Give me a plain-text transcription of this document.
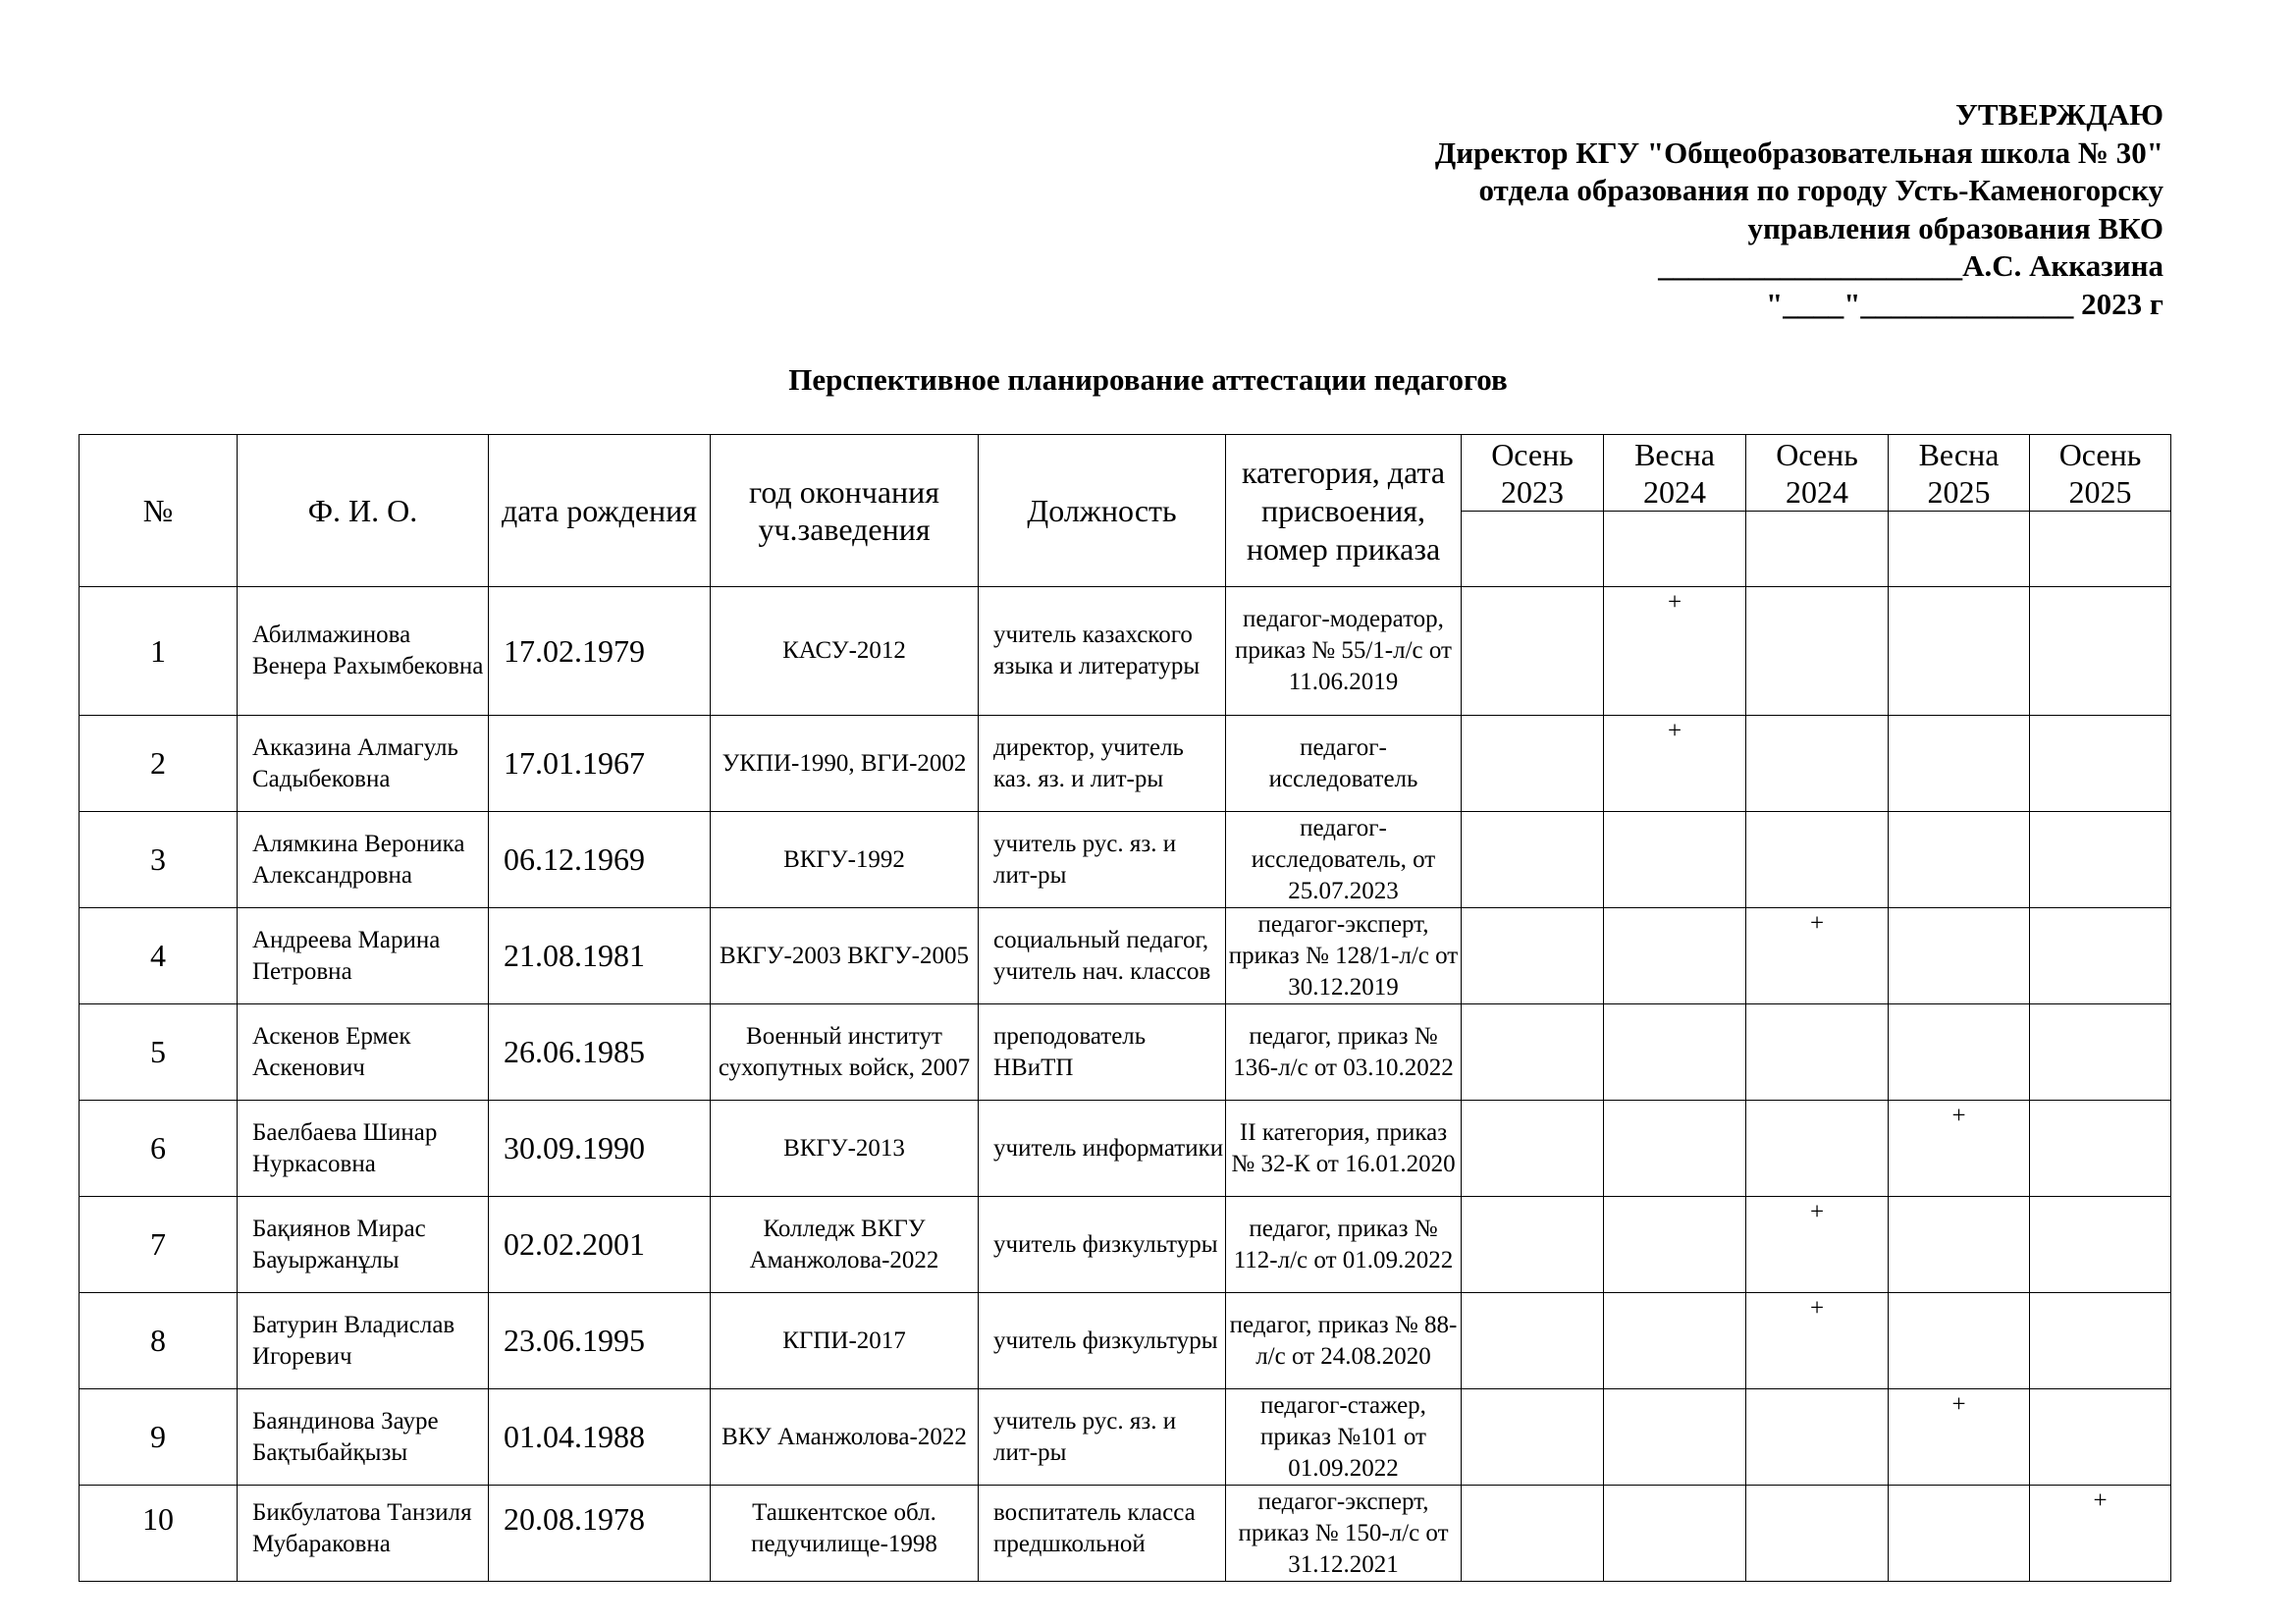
УТВЕРЖДАЮ
Директор КГУ "Общеобразовательная школа № 30"
отдела образования по городу Усть-Каменогорску
управления образования ВКО
____________________А.С. Акказина
"____"______________ 2023 г
Перспективное планирование аттестации педагогов
№	Ф. И. О.	дата рождения	год окончания уч.заведения	Должность	категория, дата присвоения, номер приказа	Осень 2023	Весна 2024	Осень 2024	Весна 2025	Осень 2025

1	Абилмажинова Венера Рахымбековна	17.02.1979	КАСУ-2012	учитель казахского языка и литературы	педагог-модератор, приказ № 55/1-л/с от 11.06.2019		+			
2	Акказина Алмагуль Садыбековна	17.01.1967	УКПИ-1990, ВГИ-2002	директор, учитель каз. яз. и лит-ры	педагог-исследователь		+			
3	Алямкина Вероника Александровна	06.12.1969	ВКГУ-1992	учитель рус. яз. и лит-ры	педагог-исследователь, от 25.07.2023					
4	Андреева Марина Петровна	21.08.1981	ВКГУ-2003 ВКГУ-2005	социальный педагог, учитель нач. классов	педагог-эксперт, приказ № 128/1-л/с от 30.12.2019			+		
5	Аскенов Ермек Аскенович	26.06.1985	Военный институт сухопутных войск, 2007	преподователь НВиТП	педагог, приказ № 136-л/с от 03.10.2022					
6	Баелбаева Шинар Нуркасовна	30.09.1990	ВКГУ-2013	учитель информатики	II категория, приказ № 32-К от 16.01.2020				+	
7	Бақиянов Мирас Бауыржанұлы	02.02.2001	Колледж ВКГУ Аманжолова-2022	учитель физкультуры	педагог, приказ № 112-л/с от 01.09.2022			+		
8	Батурин Владислав Игоревич	23.06.1995	КГПИ-2017	учитель физкультуры	педагог, приказ № 88-л/с от 24.08.2020			+		
9	Баяндинова Зауре Бақтыбайқызы	01.04.1988	ВКУ Аманжолова-2022	учитель рус. яз. и лит-ры	педагог-стажер, приказ №101 от 01.09.2022				+	
10	Бикбулатова Танзиля Мубараковна	20.08.1978	Ташкентское обл. педучилище-1998	воспитатель класса предшкольной	педагог-эксперт, приказ № 150-л/с от 31.12.2021					+
